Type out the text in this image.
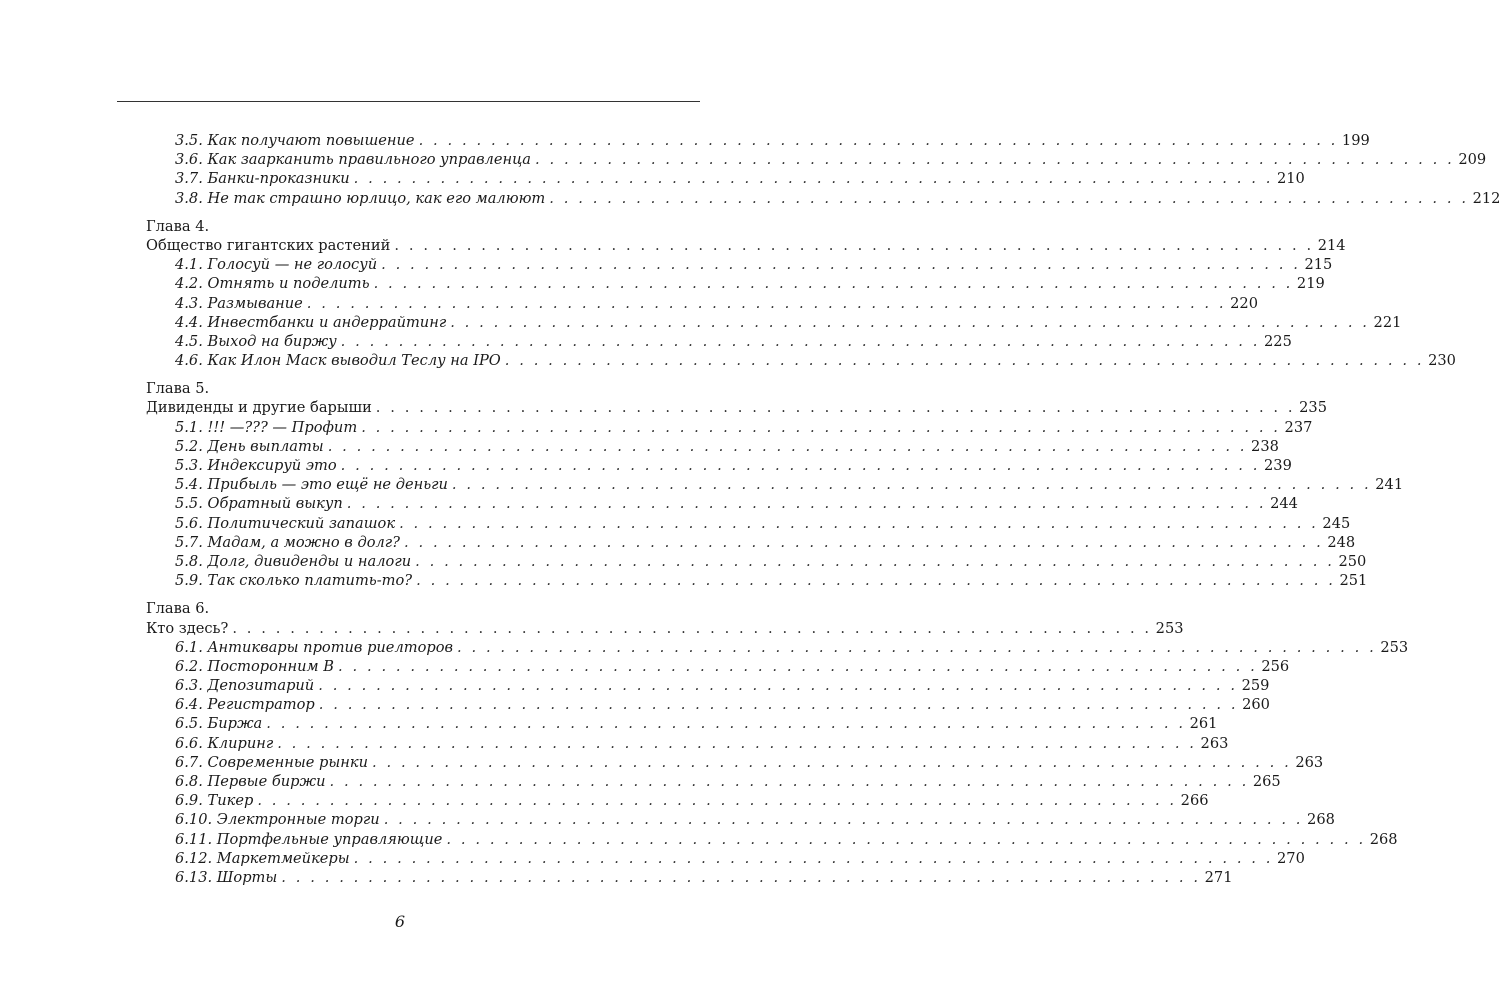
3.5. Как получают повышение . . . . . . . . . . . . . . . . . . . . . . . . . . . . . . . . . . . . . . . . . . . . . . . . . . . . . . . . . . . . . . . . 199
3.6. Как заарканить правильного управленца . . . . . . . . . . . . . . . . . . . . . . . . . . . . . . . . . . . . . . . . . . . . . . . . . . . . . . . . . . . . . . . . 209
3.7. Банки-проказники . . . . . . . . . . . . . . . . . . . . . . . . . . . . . . . . . . . . . . . . . . . . . . . . . . . . . . . . . . . . . . . . 210
3.8. Не так страшно юрлицо, как его малюют . . . . . . . . . . . . . . . . . . . . . . . . . . . . . . . . . . . . . . . . . . . . . . . . . . . . . . . . . . . . . . . . 212
Глава 4.
Общество гигантских растений . . . . . . . . . . . . . . . . . . . . . . . . . . . . . . . . . . . . . . . . . . . . . . . . . . . . . . . . . . . . . . . . 214
4.1. Голосуй — не голосуй . . . . . . . . . . . . . . . . . . . . . . . . . . . . . . . . . . . . . . . . . . . . . . . . . . . . . . . . . . . . . . . . 215
4.2. Отнять и поделить . . . . . . . . . . . . . . . . . . . . . . . . . . . . . . . . . . . . . . . . . . . . . . . . . . . . . . . . . . . . . . . . 219
4.3. Размывание . . . . . . . . . . . . . . . . . . . . . . . . . . . . . . . . . . . . . . . . . . . . . . . . . . . . . . . . . . . . . . . . 220
4.4. Инвестбанки и андеррайтинг . . . . . . . . . . . . . . . . . . . . . . . . . . . . . . . . . . . . . . . . . . . . . . . . . . . . . . . . . . . . . . . . 221
4.5. Выход на биржу . . . . . . . . . . . . . . . . . . . . . . . . . . . . . . . . . . . . . . . . . . . . . . . . . . . . . . . . . . . . . . . . 225
4.6. Как Илон Маск выводил Теслу на IPO . . . . . . . . . . . . . . . . . . . . . . . . . . . . . . . . . . . . . . . . . . . . . . . . . . . . . . . . . . . . . . . . 230
Глава 5.
Дивиденды и другие барыши . . . . . . . . . . . . . . . . . . . . . . . . . . . . . . . . . . . . . . . . . . . . . . . . . . . . . . . . . . . . . . . . 235
5.1. !!! —??? — Профит . . . . . . . . . . . . . . . . . . . . . . . . . . . . . . . . . . . . . . . . . . . . . . . . . . . . . . . . . . . . . . . . 237
5.2. День выплаты . . . . . . . . . . . . . . . . . . . . . . . . . . . . . . . . . . . . . . . . . . . . . . . . . . . . . . . . . . . . . . . . 238
5.3. Индексируй это . . . . . . . . . . . . . . . . . . . . . . . . . . . . . . . . . . . . . . . . . . . . . . . . . . . . . . . . . . . . . . . . 239
5.4. Прибыль — это ещё не деньги . . . . . . . . . . . . . . . . . . . . . . . . . . . . . . . . . . . . . . . . . . . . . . . . . . . . . . . . . . . . . . . . 241
5.5. Обратный выкуп . . . . . . . . . . . . . . . . . . . . . . . . . . . . . . . . . . . . . . . . . . . . . . . . . . . . . . . . . . . . . . . . 244
5.6. Политический запашок . . . . . . . . . . . . . . . . . . . . . . . . . . . . . . . . . . . . . . . . . . . . . . . . . . . . . . . . . . . . . . . . 245
5.7. Мадам, а можно в долг? . . . . . . . . . . . . . . . . . . . . . . . . . . . . . . . . . . . . . . . . . . . . . . . . . . . . . . . . . . . . . . . . 248
5.8. Долг, дивиденды и налоги . . . . . . . . . . . . . . . . . . . . . . . . . . . . . . . . . . . . . . . . . . . . . . . . . . . . . . . . . . . . . . . . 250
5.9. Так сколько платить-то? . . . . . . . . . . . . . . . . . . . . . . . . . . . . . . . . . . . . . . . . . . . . . . . . . . . . . . . . . . . . . . . . 251
Глава 6.
Кто здесь? . . . . . . . . . . . . . . . . . . . . . . . . . . . . . . . . . . . . . . . . . . . . . . . . . . . . . . . . . . . . . . . . 253
6.1. Антиквары против риелторов . . . . . . . . . . . . . . . . . . . . . . . . . . . . . . . . . . . . . . . . . . . . . . . . . . . . . . . . . . . . . . . . 253
6.2. Посторонним В . . . . . . . . . . . . . . . . . . . . . . . . . . . . . . . . . . . . . . . . . . . . . . . . . . . . . . . . . . . . . . . . 256
6.3. Депозитарий . . . . . . . . . . . . . . . . . . . . . . . . . . . . . . . . . . . . . . . . . . . . . . . . . . . . . . . . . . . . . . . . 259
6.4. Регистратор . . . . . . . . . . . . . . . . . . . . . . . . . . . . . . . . . . . . . . . . . . . . . . . . . . . . . . . . . . . . . . . . 260
6.5. Биржа . . . . . . . . . . . . . . . . . . . . . . . . . . . . . . . . . . . . . . . . . . . . . . . . . . . . . . . . . . . . . . . . 261
6.6. Клиринг . . . . . . . . . . . . . . . . . . . . . . . . . . . . . . . . . . . . . . . . . . . . . . . . . . . . . . . . . . . . . . . . 263
6.7. Современные рынки . . . . . . . . . . . . . . . . . . . . . . . . . . . . . . . . . . . . . . . . . . . . . . . . . . . . . . . . . . . . . . . . 263
6.8. Первые биржи . . . . . . . . . . . . . . . . . . . . . . . . . . . . . . . . . . . . . . . . . . . . . . . . . . . . . . . . . . . . . . . . 265
6.9. Тикер . . . . . . . . . . . . . . . . . . . . . . . . . . . . . . . . . . . . . . . . . . . . . . . . . . . . . . . . . . . . . . . . 266
6.10. Электронные торги . . . . . . . . . . . . . . . . . . . . . . . . . . . . . . . . . . . . . . . . . . . . . . . . . . . . . . . . . . . . . . . . 268
6.11. Портфельные управляющие . . . . . . . . . . . . . . . . . . . . . . . . . . . . . . . . . . . . . . . . . . . . . . . . . . . . . . . . . . . . . . . . 268
6.12. Маркетмейкеры . . . . . . . . . . . . . . . . . . . . . . . . . . . . . . . . . . . . . . . . . . . . . . . . . . . . . . . . . . . . . . . . 270
6.13. Шорты . . . . . . . . . . . . . . . . . . . . . . . . . . . . . . . . . . . . . . . . . . . . . . . . . . . . . . . . . . . . . . . . 271
6
